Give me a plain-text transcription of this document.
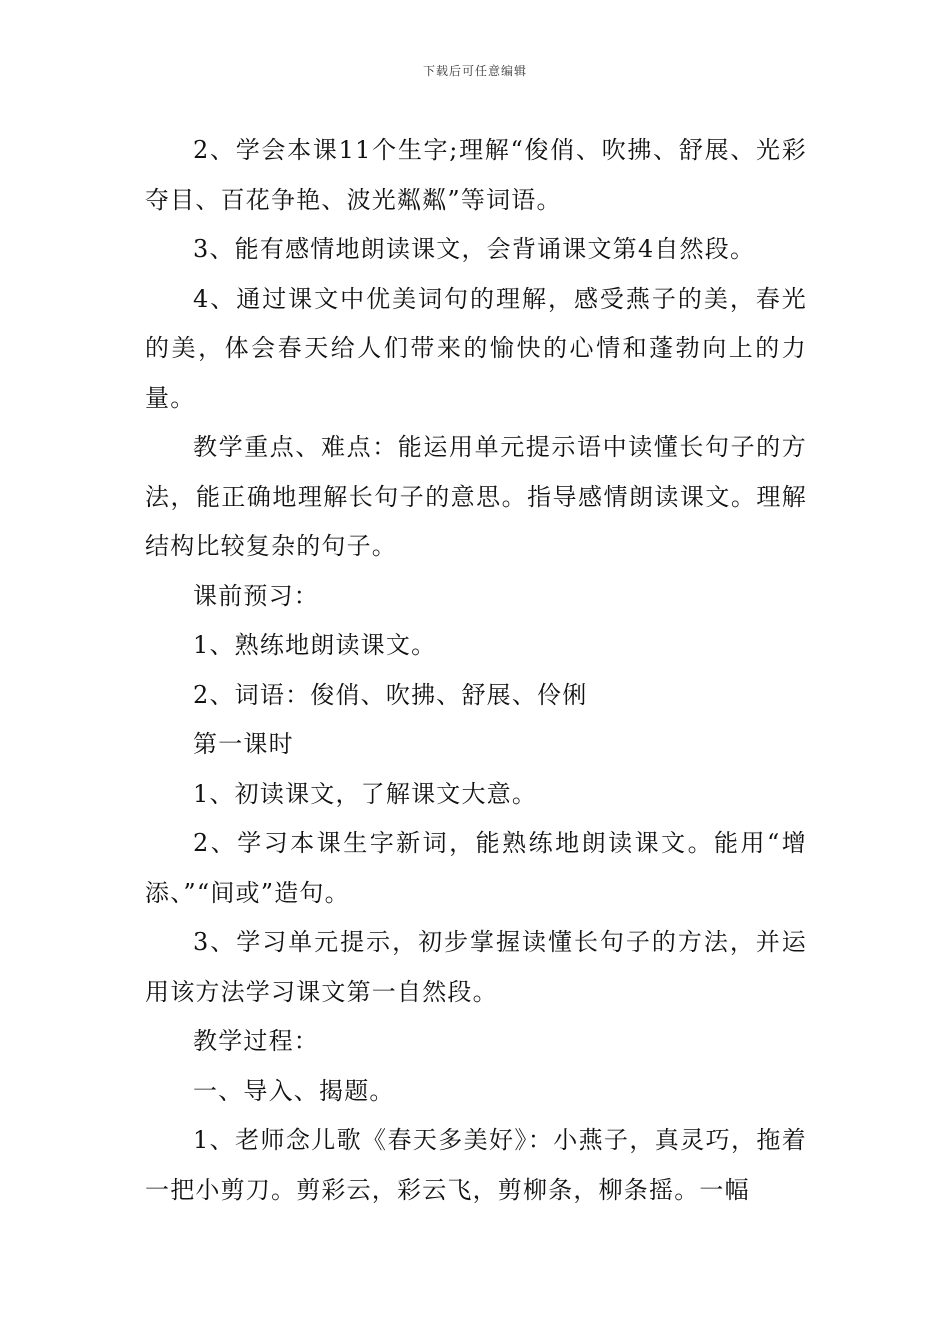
下载后可任意编辑

2、学会本课11个生字;理解“俊俏、吹拂、舒展、光彩夺目、百花争艳、波光粼粼”等词语。

3、能有感情地朗读课文，会背诵课文第4自然段。

4、通过课文中优美词句的理解，感受燕子的美，春光的美，体会春天给人们带来的愉快的心情和蓬勃向上的力量。

教学重点、难点：能运用单元提示语中读懂长句子的方法，能正确地理解长句子的意思。指导感情朗读课文。理解结构比较复杂的句子。

课前预习：

1、熟练地朗读课文。

2、词语：俊俏、吹拂、舒展、伶俐

第一课时

1、初读课文，了解课文大意。

2、学习本课生字新词，能熟练地朗读课文。能用“增添、”“间或”造句。

3、学习单元提示，初步掌握读懂长句子的方法，并运用该方法学习课文第一自然段。

教学过程：

一、导入、揭题。

1、老师念儿歌《春天多美好》：小燕子，真灵巧，拖着一把小剪刀。剪彩云，彩云飞，剪柳条，柳条摇。一幅
